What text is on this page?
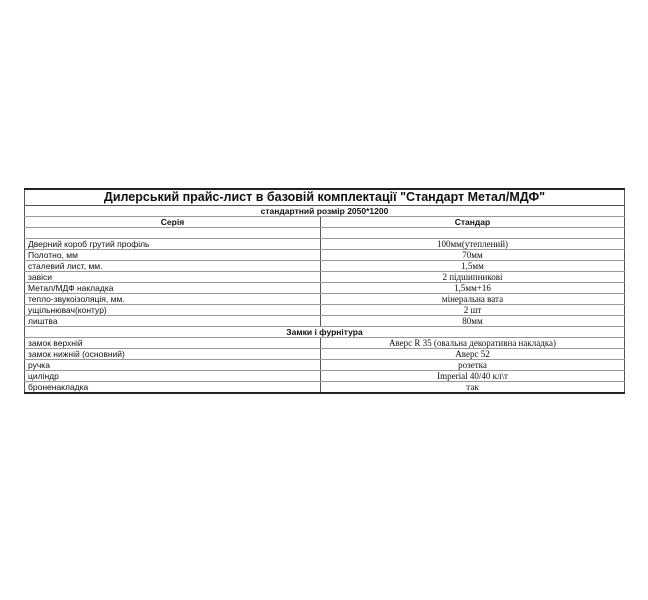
Дилерський прайс-лист в базовій комплектації "Стандарт Метал/МДФ"	
стандартний розмір 2050*1200	
Серія	Стандар

Дверний короб грутий профіль	100мм(утеплений)
Полотно, мм	70мм
сталевий лист, мм.	1,5мм
завіси	2 підшипникові
Метал/МДФ накладка	1,5мм+16
тепло-звукоізоляція, мм.	мінеральна вата
ущільнювач(контур)	2 шт
лиштва	80мм
Замки і фурнітура	
замок верхній	Аверс R 35 (овальна декоративна накладка)
замок нижній (основний)	Аверс 52
ручка	розетка
циліндр	Imperial 40/40 кл\т
броненакладка	так
